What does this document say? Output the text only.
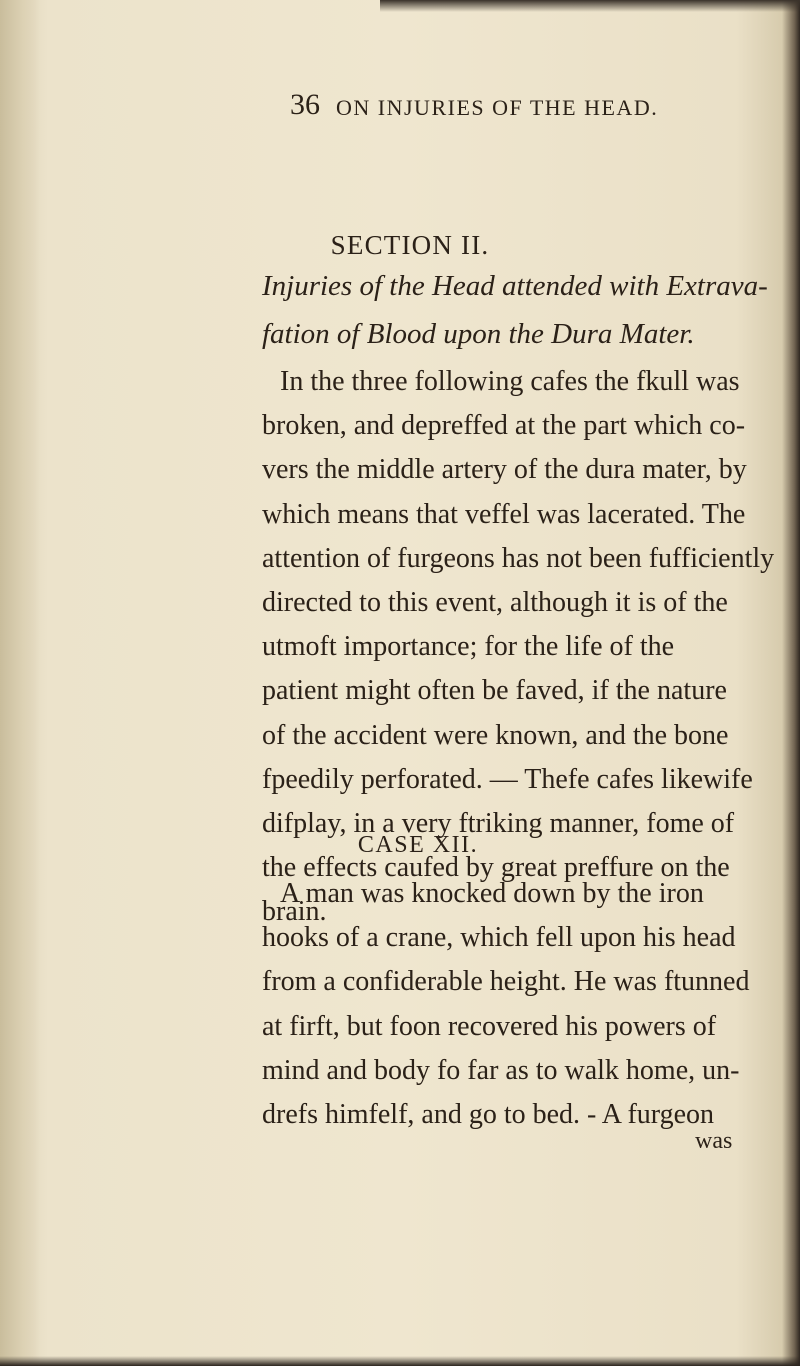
36 ON INJURIES OF THE HEAD.
SECTION II.
Injuries of the Head attended with Extrava-
fation of Blood upon the Dura Mater.
In the three following cafes the fkull was
broken, and depreffed at the part which co-
vers the middle artery of the dura mater, by
which means that veffel was lacerated. The
attention of furgeons has not been fufficiently
directed to this event, although it is of the
utmoft importance; for the life of the
patient might often be faved, if the nature
of the accident were known, and the bone
fpeedily perforated. — Thefe cafes likewife
difplay, in a very ftriking manner, fome of
the effects caufed by great preffure on the
brain.
CASE XII.
A man was knocked down by the iron
hooks of a crane, which fell upon his head
from a confiderable height. He was ftunned
at firft, but foon recovered his powers of
mind and body fo far as to walk home, un-
drefs himfelf, and go to bed. - A furgeon
was
